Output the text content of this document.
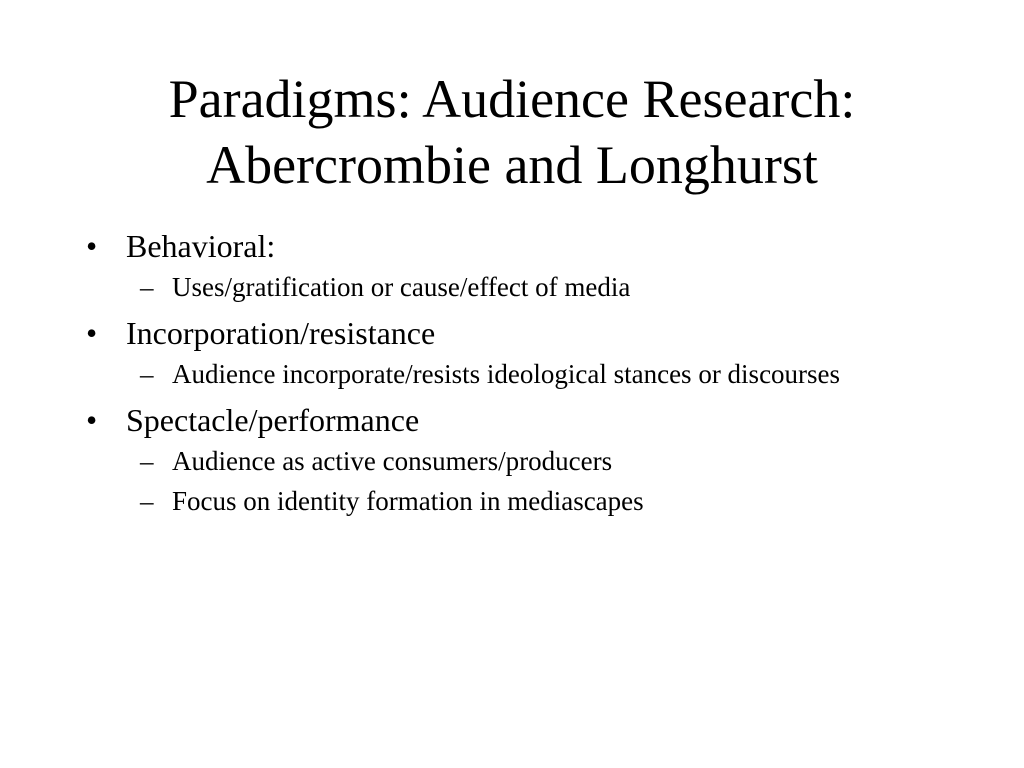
Paradigms: Audience Research:
Abercrombie and Longhurst
• Behavioral:
– Uses/gratification or cause/effect of media
• Incorporation/resistance
– Audience incorporate/resists ideological stances or discourses
• Spectacle/performance
– Audience as active consumers/producers
– Focus on identity formation in mediascapes
